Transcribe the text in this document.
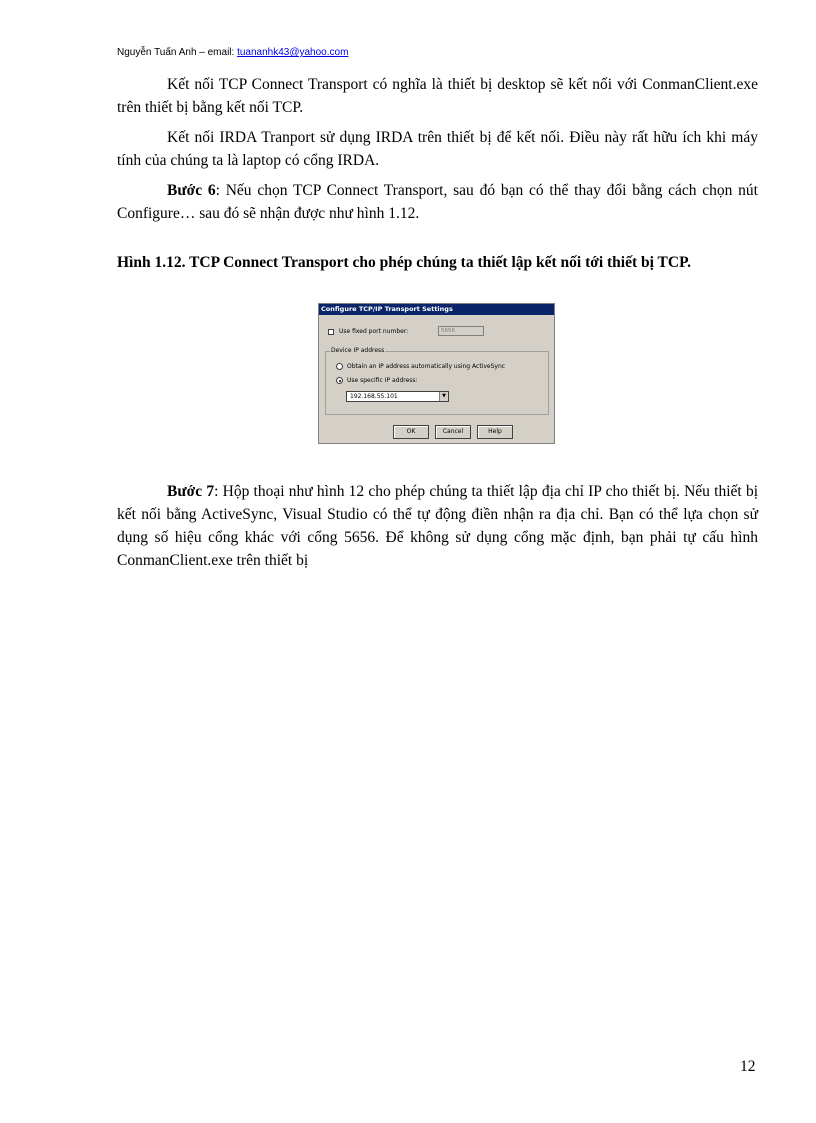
Nguyễn Tuấn Anh – email: tuananhk43@yahoo.com

Kết nối TCP Connect Transport có nghĩa là thiết bị desktop sẽ kết nối với ConmanClient.exe trên thiết bị bằng kết nối TCP.

Kết nối IRDA Tranport sử dụng IRDA trên thiết bị để kết nối. Điều này rất hữu ích khi máy tính của chúng ta là laptop có cổng IRDA.

Bước 6: Nếu chọn TCP Connect Transport, sau đó bạn có thể thay đổi bằng cách chọn nút Configure… sau đó sẽ nhận được như hình 1.12.

Hình 1.12. TCP Connect Transport cho phép chúng ta thiết lập kết nối tới thiết bị TCP.
Configure TCP/IP Transport Settings
Use fixed port number:	5656
Device IP address
Obtain an IP address automatically using ActiveSync
Use specific IP address:
192.168.55.101	▼
OK	Cancel	Help

Bước 7: Hộp thoại như hình 12 cho phép chúng ta thiết lập địa chỉ IP cho thiết bị. Nếu thiết bị kết nối bằng ActiveSync, Visual Studio có thể tự động điền nhận ra địa chỉ. Bạn có thể lựa chọn sử dụng số hiệu cổng khác với cổng 5656. Để không sử dụng cổng mặc định, bạn phải tự cấu hình ConmanClient.exe trên thiết bị

12
